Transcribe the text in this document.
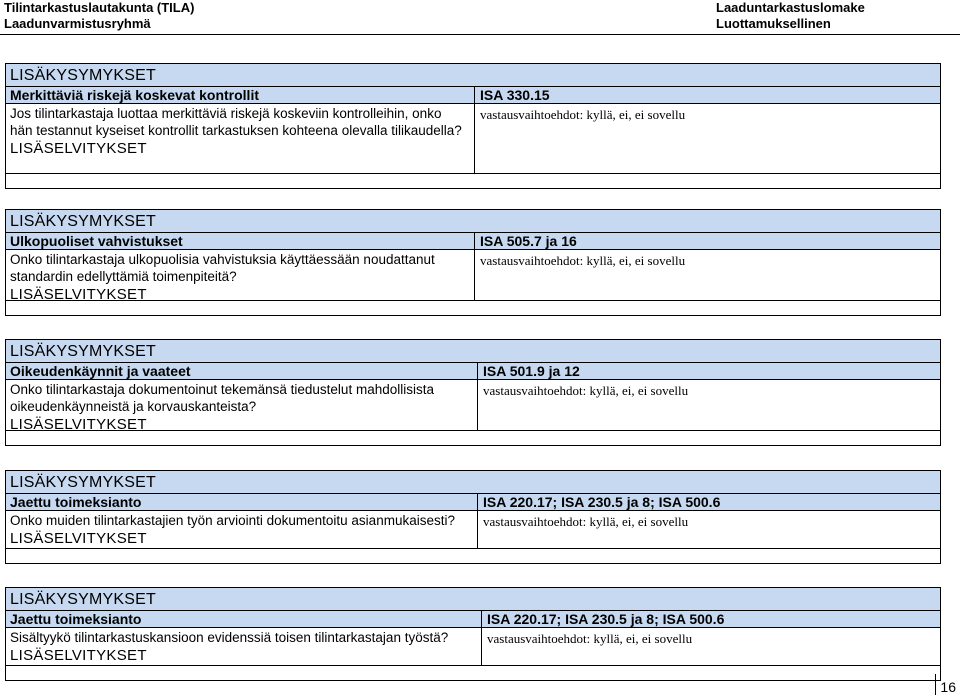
Tilintarkastuslautakunta (TILA)
Laadunvarmistusryhmä
Laaduntarkastuslomake
Luottamuksellinen
LISÄKYSYMYKSET
Merkittäviä riskejä koskevat kontrollit	ISA 330.15
Jos tilintarkastaja luottaa merkittäviä riskejä koskeviin kontrolleihin, onko hän testannut kyseiset kontrollit tarkastuksen kohteena olevalla tilikaudella?
LISÄSELVITYKSET
vastausvaihtoehdot: kyllä, ei, ei sovellu
LISÄKYSYMYKSET
Ulkopuoliset vahvistukset	ISA 505.7 ja 16
Onko tilintarkastaja ulkopuolisia vahvistuksia käyttäessään noudattanut standardin edellyttämiä toimenpiteitä?
LISÄSELVITYKSET
vastausvaihtoehdot: kyllä, ei, ei sovellu
LISÄKYSYMYKSET
Oikeudenkäynnit ja vaateet	ISA 501.9 ja 12
Onko tilintarkastaja dokumentoinut tekemänsä tiedustelut mahdollisista oikeudenkäynneistä ja korvauskanteista?
LISÄSELVITYKSET
vastausvaihtoehdot: kyllä, ei, ei sovellu
LISÄKYSYMYKSET
Jaettu toimeksianto	ISA 220.17; ISA 230.5 ja 8; ISA 500.6
Onko muiden tilintarkastajien työn arviointi dokumentoitu asianmukaisesti?
LISÄSELVITYKSET
vastausvaihtoehdot: kyllä, ei, ei sovellu
LISÄKYSYMYKSET
Jaettu toimeksianto	ISA 220.17; ISA 230.5 ja 8; ISA 500.6
Sisältyykö tilintarkastuskansioon evidenssiä toisen tilintarkastajan työstä?
LISÄSELVITYKSET
vastausvaihtoehdot: kyllä, ei, ei sovellu
16
